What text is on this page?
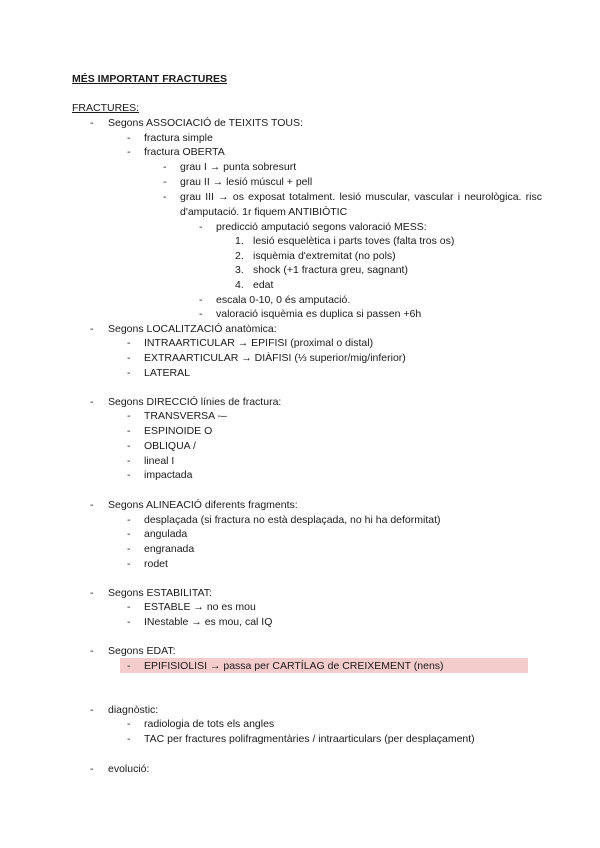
MÉS IMPORTANT FRACTURES
FRACTURES:
- Segons ASSOCIACIÓ de TEIXITS TOUS:
- fractura simple
- fractura OBERTA
- grau I → punta sobresurt
- grau II → lesió múscul + pell
- grau III → os exposat totalment. lesió muscular, vascular i neurològica. risc d'amputació. 1r fiquem ANTIBIÒTIC
- predicció amputació segons valoració MESS:
1. lesió esquelètica i parts toves (falta tros os)
2. isquèmia d'extremitat (no pols)
3. shock (+1 fractura greu, sagnant)
4. edat
- escala 0-10, 0 és amputació.
- valoració isquèmia es duplica si passen +6h
- Segons LOCALITZACIÓ anatòmica:
- INTRAARTICULAR → EPIFISI (proximal o distal)
- EXTRAARTICULAR → DIÀFISI (⅓ superior/mig/inferior)
- LATERAL
- Segons DIRECCIÓ línies de fractura:
- TRANSVERSA -–
- ESPINOIDE O
- OBLIQUA /
- lineal I
- impactada
- Segons ALINEACIÓ diferents fragments:
- desplaçada (si fractura no està desplaçada, no hi ha deformitat)
- angulada
- engranada
- rodet
- Segons ESTABILITAT:
- ESTABLE → no es mou
- INestable → es mou, cal IQ
- Segons EDAT:
- EPIFISIOLISI → passa per CARTÍLAG de CREIXEMENT (nens)
- diagnòstic:
- radiologia de tots els angles
- TAC per fractures polifragmentàries / intraarticulars (per desplaçament)
- evolució:
